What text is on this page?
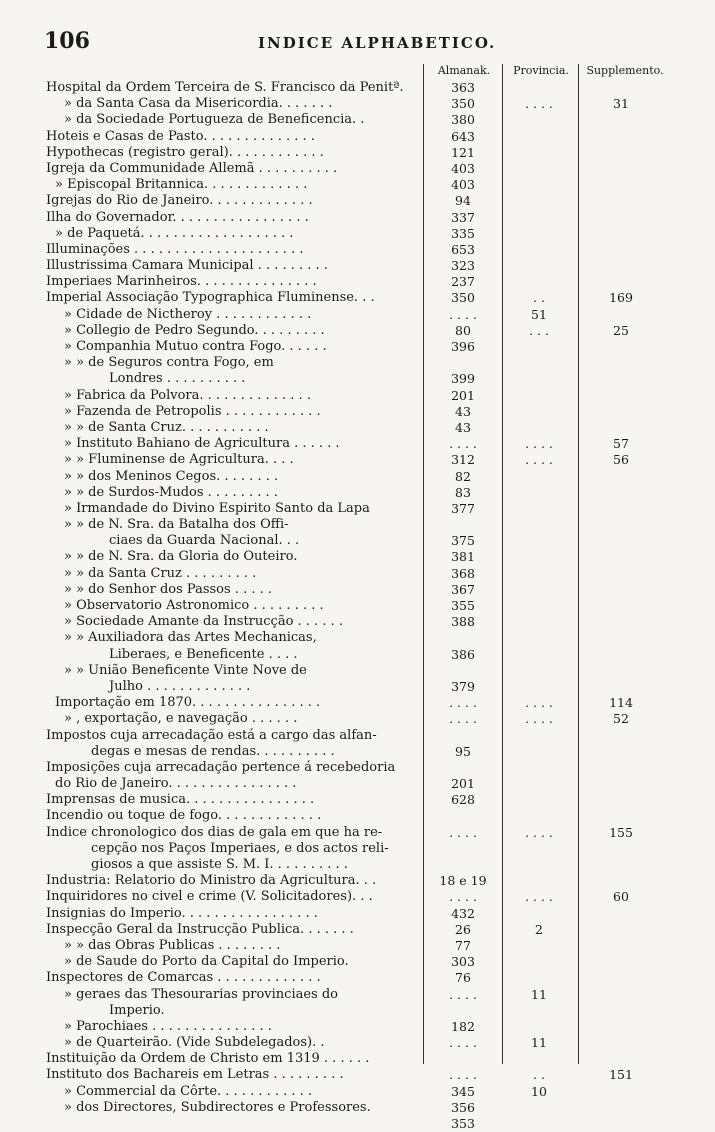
106	INDICE ALPHABETICO.
Almanak.	Provincia.	Supplemento.
Hospital da Ordem Terceira de S. Francisco da Penitª.	363
» da Santa Casa da Misericordia. . . . . . .	350	. . . .	31
» da Sociedade Portugueza de Beneficencia. .	380
Hoteis e Casas de Pasto. . . . . . . . . . . . . .	643
Hypothecas (registro geral). . . . . . . . . . . .	121
Igreja da Communidade Allemã . . . . . . . . . .	403
» Episcopal Britannica. . . . . . . . . . . . .	403
Igrejas do Rio de Janeiro. . . . . . . . . . . . .	94
Ilha do Governador. . . . . . . . . . . . . . . . .	337
» de Paquetá. . . . . . . . . . . . . . . . . . .	335
Illuminações . . . . . . . . . . . . . . . . . . . . .	653
Illustrissima Camara Municipal . . . . . . . . .	323
Imperiaes Marinheiros. . . . . . . . . . . . . . .	237
Imperial Associação Typographica Fluminense. . .	350	. .	169
» Cidade de Nictheroy . . . . . . . . . . . .	. . . .	51
» Collegio de Pedro Segundo. . . . . . . . .	80	. . .	25
» Companhia Mutuo contra Fogo. . . . . .	396
» » de Seguros contra Fogo, em
Londres . . . . . . . . . .	399
» Fabrica da Polvora. . . . . . . . . . . . . .	201
» Fazenda de Petropolis . . . . . . . . . . . .	43
» » de Santa Cruz. . . . . . . . . . .	43
» Instituto Bahiano de Agricultura . . . . . .	. . . .	. . . .	57
» » Fluminense de Agricultura. . . .	312	. . . .	56
» » dos Meninos Cegos. . . . . . . .	82
» » de Surdos-Mudos . . . . . . . . .	83
» Irmandade do Divino Espirito Santo da Lapa	377
» » de N. Sra. da Batalha dos Offi-
ciaes da Guarda Nacional. . .	375
» » de N. Sra. da Gloria do Outeiro.	381
» » da Santa Cruz . . . . . . . . .	368
» » do Senhor dos Passos . . . . .	367
» Observatorio Astronomico . . . . . . . . .	355
» Sociedade Amante da Instrucção . . . . . .	388
» » Auxiliadora das Artes Mechanicas,
Liberaes, e Beneficente . . . .	386
» » União Beneficente Vinte Nove de
Julho . . . . . . . . . . . . .	379
Importação em 1870. . . . . . . . . . . . . . . .	. . . .	. . . .	114
» , exportação, e navegação . . . . . .	. . . .	. . . .	52
Impostos cuja arrecadação está a cargo das alfan-
degas e mesas de rendas. . . . . . . . . .	95
Imposições cuja arrecadação pertence á recebedoria
do Rio de Janeiro. . . . . . . . . . . . . . . .	201
Imprensas de musica. . . . . . . . . . . . . . . .	628
Incendio ou toque de fogo. . . . . . . . . . . . .
Indice chronologico dos dias de gala em que ha re-	. . . .	. . . .	155
cepção nos Paços Imperiaes, e dos actos reli-
giosos a que assiste S. M. I. . . . . . . . . .
Industria: Relatorio do Ministro da Agricultura. . .	18 e 19
Inquiridores no civel e crime (V. Solicitadores). . .	. . . .	. . . .	60
Insignias do Imperio. . . . . . . . . . . . . . . . .	432
Inspecção Geral da Instrucção Publica. . . . . . .	26	2
» » das Obras Publicas . . . . . . . .	77
» de Saude do Porto da Capital do Imperio.	303
Inspectores de Comarcas . . . . . . . . . . . . .	76
» geraes das Thesourarias provinciaes do	. . . .	11
Imperio.
» Parochiaes . . . . . . . . . . . . . . .	182
» de Quarteirão. (Vide Subdelegados). .	. . . .	11
Instituição da Ordem de Christo em 1319 . . . . . .
Instituto dos Bachareis em Letras . . . . . . . . .	. . . .	. .	151
» Commercial da Côrte. . . . . . . . . . . .	345	10
» dos Directores, Subdirectores e Professores.	356
353
